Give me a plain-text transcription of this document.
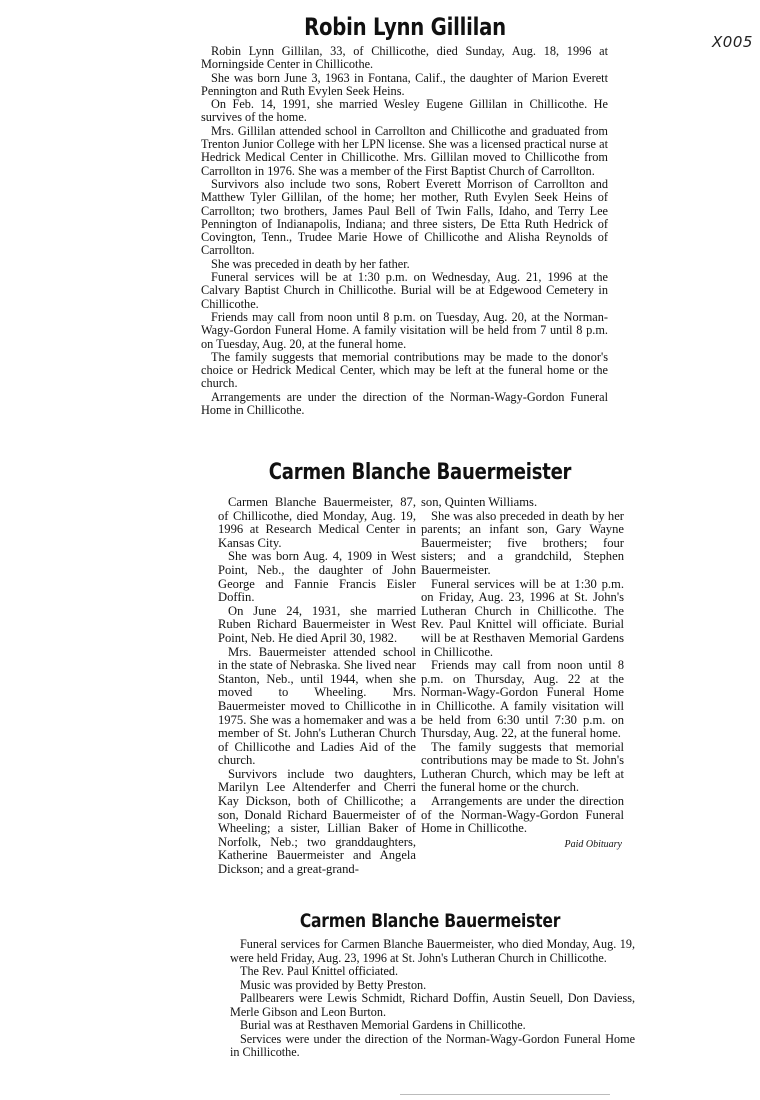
X005
Robin Lynn Gillilan

Robin Lynn Gillilan, 33, of Chillicothe, died Sunday, Aug. 18, 1996 at Morningside Center in Chillicothe.

She was born June 3, 1963 in Fontana, Calif., the daughter of Marion Everett Pennington and Ruth Evylen Seek Heins.

On Feb. 14, 1991, she married Wesley Eugene Gillilan in Chillicothe. He survives of the home.

Mrs. Gillilan attended school in Carrollton and Chillicothe and graduated from Trenton Junior College with her LPN license. She was a licensed practical nurse at Hedrick Medical Center in Chillicothe. Mrs. Gillilan moved to Chillicothe from Carrollton in 1976. She was a member of the First Baptist Church of Carrollton.

Survivors also include two sons, Robert Everett Morrison of Carrollton and Matthew Tyler Gillilan, of the home; her mother, Ruth Evylen Seek Heins of Carrollton; two brothers, James Paul Bell of Twin Falls, Idaho, and Terry Lee Pennington of Indianapolis, Indiana; and three sisters, De Etta Ruth Hedrick of Covington, Tenn., Trudee Marie Howe of Chillicothe and Alisha Reynolds of Carrollton.

She was preceded in death by her father.

Funeral services will be at 1:30 p.m. on Wednesday, Aug. 21, 1996 at the Calvary Baptist Church in Chillicothe. Burial will be at Edgewood Cemetery in Chillicothe.

Friends may call from noon until 8 p.m. on Tuesday, Aug. 20, at the Norman-Wagy-Gordon Funeral Home. A family visitation will be held from 7 until 8 p.m. on Tuesday, Aug. 20, at the funeral home.

The family suggests that memorial contributions may be made to the donor's choice or Hedrick Medical Center, which may be left at the funeral home or the church.

Arrangements are under the direction of the Norman-Wagy-Gordon Funeral Home in Chillicothe.

Carmen Blanche Bauermeister

Carmen Blanche Bauermeister, 87, of Chillicothe, died Monday, Aug. 19, 1996 at Research Medical Center in Kansas City.

She was born Aug. 4, 1909 in West Point, Neb., the daughter of John George and Fannie Francis Eisler Doffin.

On June 24, 1931, she married Ruben Richard Bauermeister in West Point, Neb. He died April 30, 1982.

Mrs. Bauermeister attended school in the state of Nebraska. She lived near Stanton, Neb., until 1944, when she moved to Wheeling. Mrs. Bauermeister moved to Chillicothe in 1975. She was a homemaker and was a member of St. John's Lutheran Church of Chillicothe and Ladies Aid of the church.

Survivors include two daughters, Marilyn Lee Altenderfer and Cherri Kay Dickson, both of Chillicothe; a son, Donald Richard Bauermeister of Wheeling; a sister, Lillian Baker of Norfolk, Neb.; two granddaughters, Katherine Bauermeister and Angela Dickson; and a great-grand-

son, Quinten Williams.

She was also preceded in death by her parents; an infant son, Gary Wayne Bauermeister; five brothers; four sisters; and a grandchild, Stephen Bauermeister.

Funeral services will be at 1:30 p.m. on Friday, Aug. 23, 1996 at St. John's Lutheran Church in Chillicothe. The Rev. Paul Knittel will officiate. Burial will be at Resthaven Memorial Gardens in Chillicothe.

Friends may call from noon until 8 p.m. on Thursday, Aug. 22 at the Norman-Wagy-Gordon Funeral Home in Chillicothe. A family visitation will be held from 6:30 until 7:30 p.m. on Thursday, Aug. 22, at the funeral home.

The family suggests that memorial contributions may be made to St. John's Lutheran Church, which may be left at the funeral home or the church.

Arrangements are under the direction of the Norman-Wagy-Gordon Funeral Home in Chillicothe.

Paid Obituary
Carmen Blanche Bauermeister

Funeral services for Carmen Blanche Bauermeister, who died Monday, Aug. 19, were held Friday, Aug. 23, 1996 at St. John's Lutheran Church in Chillicothe.

The Rev. Paul Knittel officiated.

Music was provided by Betty Preston.

Pallbearers were Lewis Schmidt, Richard Doffin, Austin Seuell, Don Daviess, Merle Gibson and Leon Burton.

Burial was at Resthaven Memorial Gardens in Chillicothe.

Services were under the direction of the Norman-Wagy-Gordon Funeral Home in Chillicothe.
